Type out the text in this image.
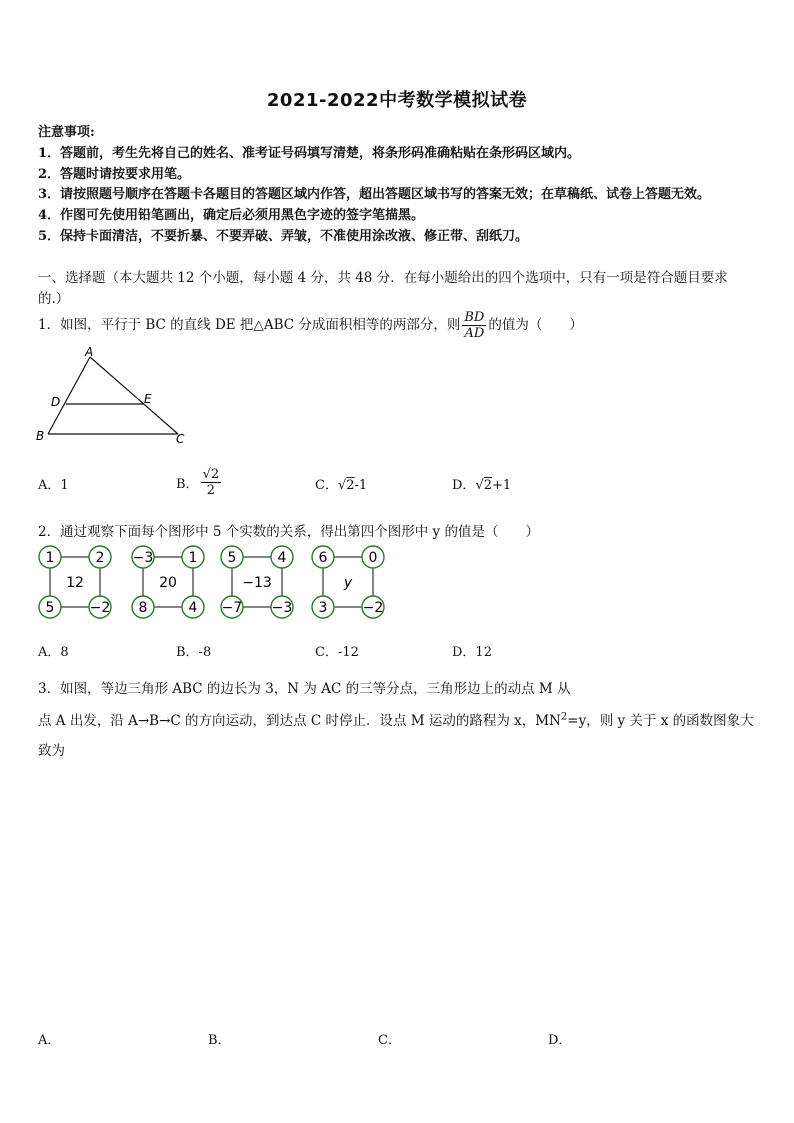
2021-2022中考数学模拟试卷
注意事项:
1．答题前，考生先将自己的姓名、准考证号码填写清楚，将条形码准确粘贴在条形码区域内。
2．答题时请按要求用笔。
3．请按照题号顺序在答题卡各题目的答题区域内作答，超出答题区域书写的答案无效；在草稿纸、试卷上答题无效。
4．作图可先使用铅笔画出，确定后必须用黑色字迹的签字笔描黑。
5．保持卡面清洁，不要折暴、不要弄破、弄皱，不准使用涂改液、修正带、刮纸刀。
一、选择题（本大题共 12 个小题，每小题 4 分，共 48 分．在每小题给出的四个选项中，只有一项是符合题目要求
的.）
1．如图，平行于 BC 的直线 DE 把△ABC 分成面积相等的两部分，则 $\frac{BD}{AD}$ 的值为（　　）
A
D	E
B	C
A．1	B． $\frac{√2}{2}$	C．√2-1	D．√2+1
2．通过观察下面每个图形中 5 个实数的关系，得出第四个图形中 y 的值是（　　）
1	2
5	−2
12
−3	1
8	4
20
5	4
−7 −3
−13
6	0
3	−2
y
A．8	B．-8	C．-12	D．12
3．如图，等边三角形 ABC 的边长为 3，N 为 AC 的三等分点，三角形边上的动点 M 从
点 A 出发，沿 A→B→C 的方向运动，到达点 C 时停止．设点 M 运动的路程为 x，$MN^2=y$，则 y 关于 x 的函数图象大
致为
A．	B．	C．	D．
